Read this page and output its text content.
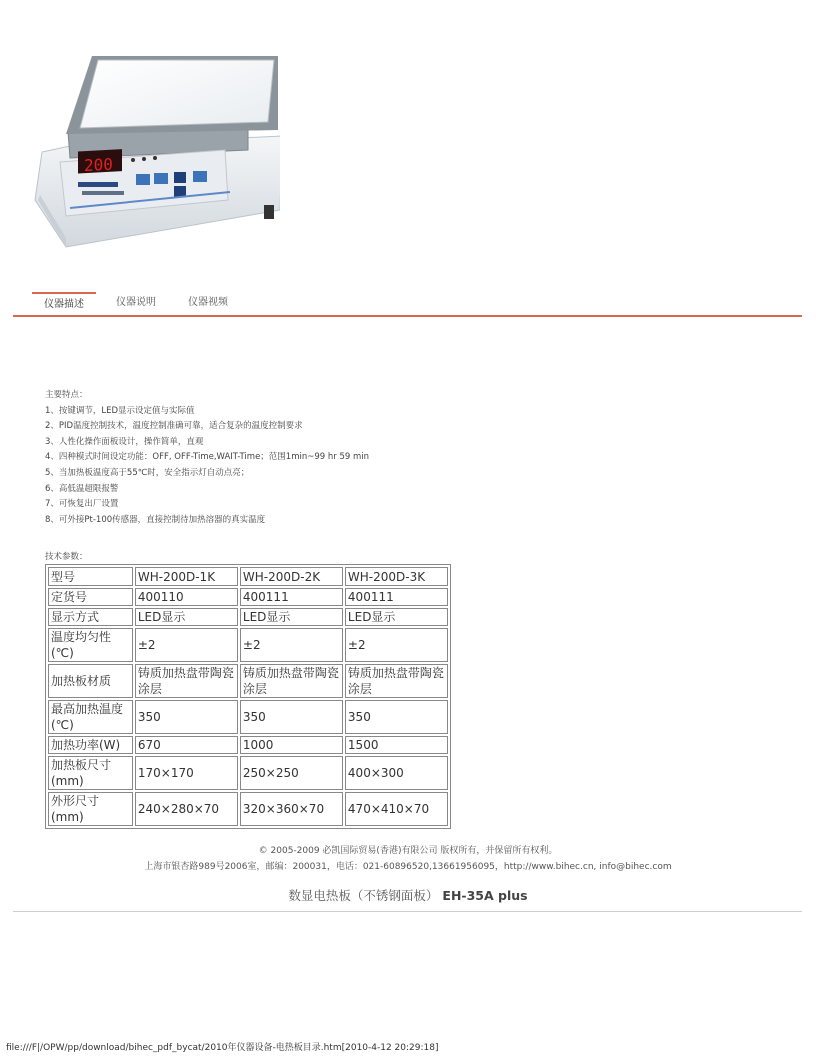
200
仪器描述	仪器说明	仪器视频
主要特点：
1、按键调节，LED显示设定值与实际值
2、PID温度控制技术，温度控制准确可靠，适合复杂的温度控制要求
3、人性化操作面板设计，操作简单，直观
4、四种模式时间设定功能：OFF, OFF-Time,WAIT-Time；范围1min~99 hr 59 min
5、当加热板温度高于55℃时，安全指示灯自动点亮；
6、高低温超限报警
7、可恢复出厂设置
8、可外接Pt-100传感器，直接控制待加热溶器的真实温度
技术参数：
型号	WH-200D-1K	WH-200D-2K	WH-200D-3K
定货号	400110	400111	400111
显示方式	LED显示	LED显示	LED显示
温度均匀性(℃)	±2	±2	±2
加热板材质	铸质加热盘带陶瓷涂层	铸质加热盘带陶瓷涂层	铸质加热盘带陶瓷涂层
最高加热温度(℃)	350	350	350
加热功率(W)	670	1000	1500
加热板尺寸(mm)	170×170	250×250	400×300
外形尺寸(mm)	240×280×70	320×360×70	470×410×70
© 2005-2009 必凯国际贸易(香港)有限公司 版权所有，并保留所有权利。
上海市银杏路989号2006室，邮编：200031，电话：021-60896520,13661956095，http://www.bihec.cn, info@bihec.com
数显电热板（不锈钢面板） EH-35A plus
file:///F|/OPW/pp/download/bihec_pdf_bycat/2010年仪器设备-电热板目录.htm[2010-4-12 20:29:18]
